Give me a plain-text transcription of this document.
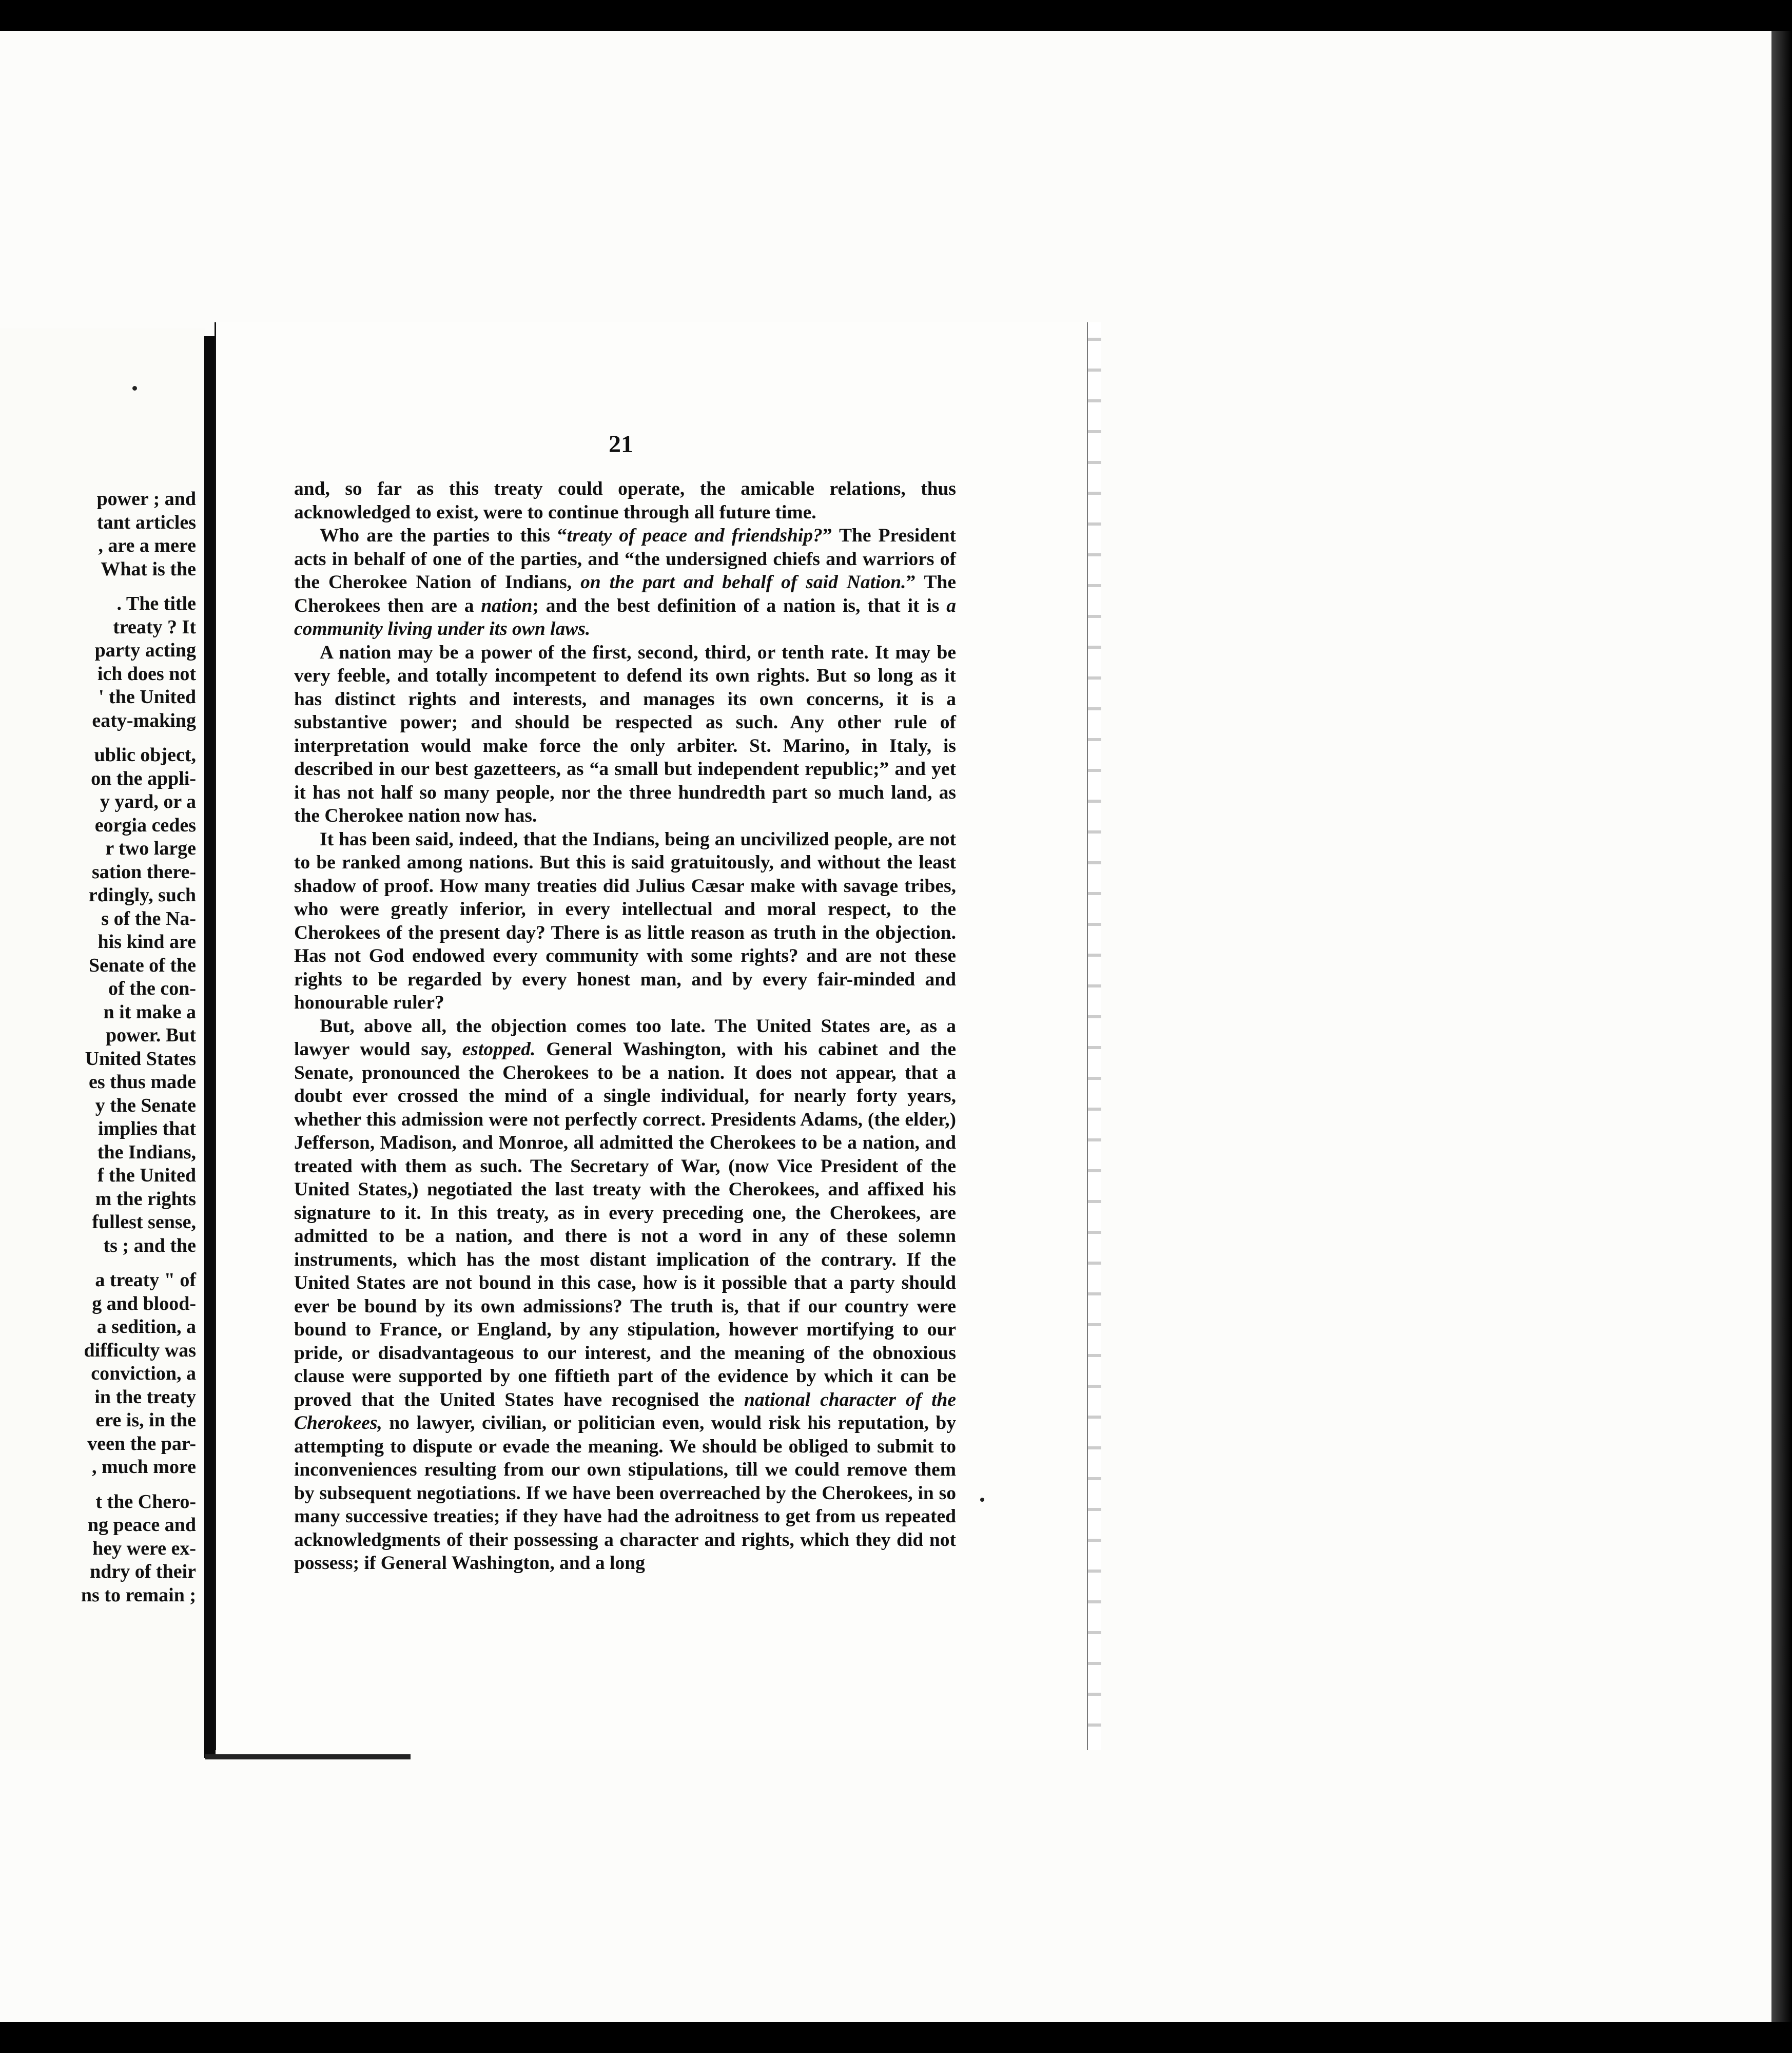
power ; and
tant articles
, are a mere
What is the
. The title
treaty ? It
party acting
ich does not
' the United
eaty-making
ublic object,
on the appli-
y yard, or a
eorgia cedes
r two large
sation there-
rdingly, such
s of the Na-
his kind are
Senate of the
of the con-
n it make a
power. But
United States
es thus made
y the Senate
implies that
the Indians,
f the United
m the rights
fullest sense,
ts ; and the
a treaty " of
g and blood-
a sedition, a
difficulty was
conviction, a
in the treaty
ere is, in the
veen the par-
, much more
t the Chero-
ng peace and
hey were ex-
ndry of their
ns to remain ;
21

and, so far as this treaty could operate, the amicable relations, thus acknowledged to exist, were to continue through all future time.

Who are the parties to this “treaty of peace and friendship?” The President acts in behalf of one of the parties, and “the undersigned chiefs and warriors of the Cherokee Nation of Indians, on the part and behalf of said Nation.” The Cherokees then are a nation; and the best definition of a nation is, that it is a community living under its own laws.

A nation may be a power of the first, second, third, or tenth rate. It may be very feeble, and totally incompetent to defend its own rights. But so long as it has distinct rights and interests, and manages its own concerns, it is a substantive power; and should be respected as such. Any other rule of interpretation would make force the only arbiter. St. Marino, in Italy, is described in our best gazetteers, as “a small but independent republic;” and yet it has not half so many people, nor the three hundredth part so much land, as the Cherokee nation now has.

It has been said, indeed, that the Indians, being an uncivilized people, are not to be ranked among nations. But this is said gratuitously, and without the least shadow of proof. How many treaties did Julius Cæsar make with savage tribes, who were greatly inferior, in every intellectual and moral respect, to the Cherokees of the present day? There is as little reason as truth in the objection. Has not God endowed every community with some rights? and are not these rights to be regarded by every honest man, and by every fair-minded and honourable ruler?

But, above all, the objection comes too late. The United States are, as a lawyer would say, estopped. General Washington, with his cabinet and the Senate, pronounced the Cherokees to be a nation. It does not appear, that a doubt ever crossed the mind of a single individual, for nearly forty years, whether this admission were not perfectly correct. Presidents Adams, (the elder,) Jefferson, Madison, and Monroe, all admitted the Cherokees to be a nation, and treated with them as such. The Secretary of War, (now Vice President of the United States,) negotiated the last treaty with the Cherokees, and affixed his signature to it. In this treaty, as in every preceding one, the Cherokees, are admitted to be a nation, and there is not a word in any of these solemn instruments, which has the most distant implication of the contrary. If the United States are not bound in this case, how is it possible that a party should ever be bound by its own admissions? The truth is, that if our country were bound to France, or England, by any stipulation, however mortifying to our pride, or disadvantageous to our interest, and the meaning of the obnoxious clause were supported by one fiftieth part of the evidence by which it can be proved that the United States have recognised the national character of the Cherokees, no lawyer, civilian, or politician even, would risk his reputation, by attempting to dispute or evade the meaning. We should be obliged to submit to inconveniences resulting from our own stipulations, till we could remove them by subsequent negotiations. If we have been overreached by the Cherokees, in so many successive treaties; if they have had the adroitness to get from us repeated acknowledgments of their possessing a character and rights, which they did not possess; if General Washington, and a long
